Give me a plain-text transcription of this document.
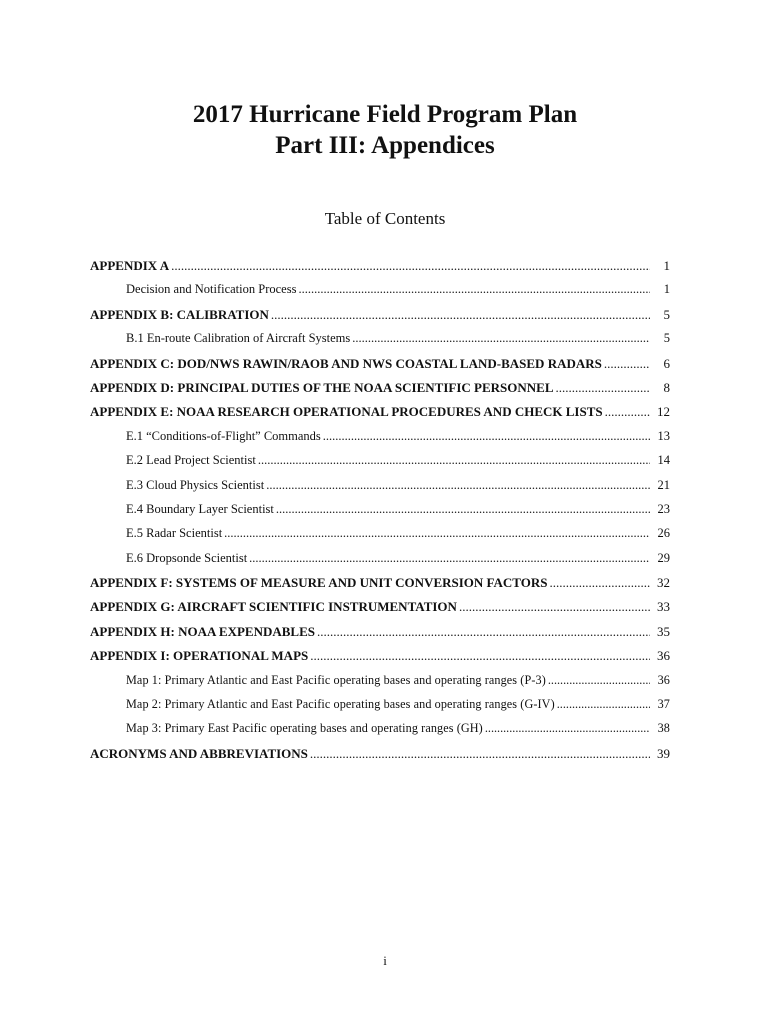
2017 Hurricane Field Program Plan
Part III: Appendices
Table of Contents
APPENDIX A .....	1
Decision and Notification Process .....	1
APPENDIX B: CALIBRATION .....	5
B.1 En-route Calibration of Aircraft Systems .....	5
APPENDIX C: DOD/NWS RAWIN/RAOB AND NWS COASTAL LAND-BASED RADARS .....	6
APPENDIX D: PRINCIPAL DUTIES OF THE NOAA SCIENTIFIC PERSONNEL .....	8
APPENDIX E: NOAA RESEARCH OPERATIONAL PROCEDURES AND CHECK LISTS .....	12
E.1 “Conditions-of-Flight” Commands .....	13
E.2 Lead Project Scientist .....	14
E.3 Cloud Physics Scientist .....	21
E.4 Boundary Layer Scientist .....	23
E.5 Radar Scientist .....	26
E.6 Dropsonde Scientist .....	29
APPENDIX F: SYSTEMS OF MEASURE AND UNIT CONVERSION FACTORS .....	32
APPENDIX G: AIRCRAFT SCIENTIFIC INSTRUMENTATION .....	33
APPENDIX H: NOAA EXPENDABLES .....	35
APPENDIX I: OPERATIONAL MAPS .....	36
Map 1: Primary Atlantic and East Pacific operating bases and operating ranges (P-3) .....	36
Map 2: Primary Atlantic and East Pacific operating bases and operating ranges (G-IV) .....	37
Map 3: Primary East Pacific operating bases and operating ranges (GH) .....	38
ACRONYMS AND ABBREVIATIONS .....	39
i
